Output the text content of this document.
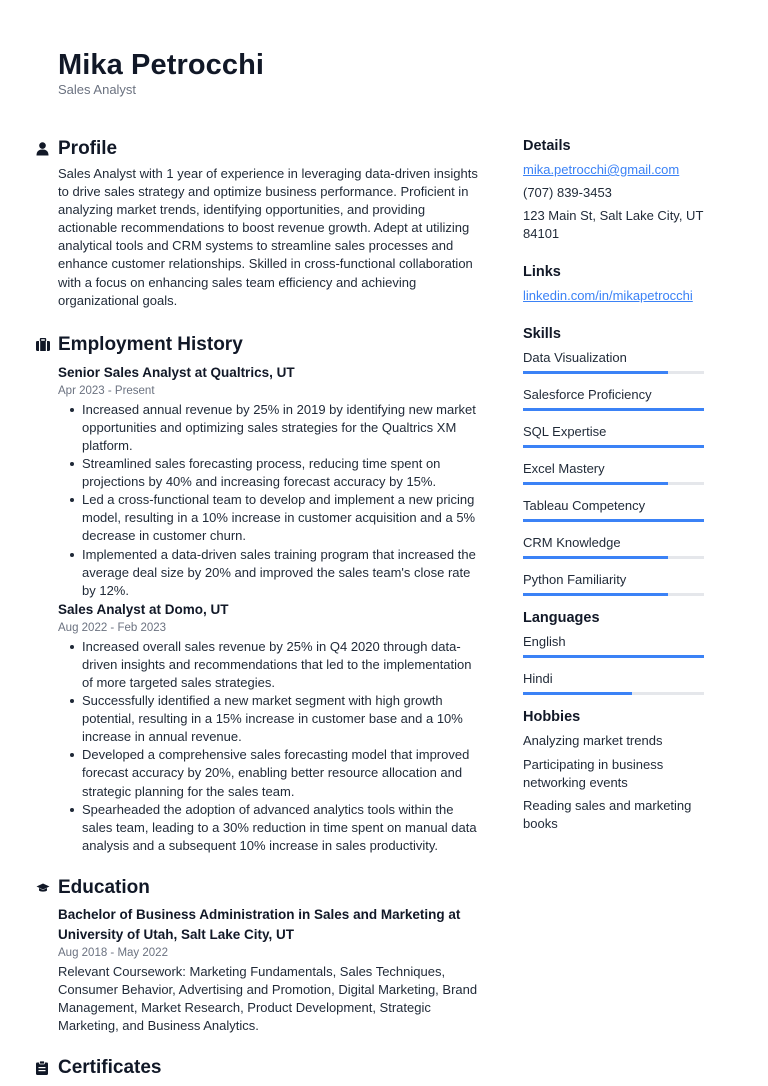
Mika Petrocchi
Sales Analyst
Profile

Sales Analyst with 1 year of experience in leveraging data-driven insights to drive sales strategy and optimize business performance. Proficient in analyzing market trends, identifying opportunities, and providing actionable recommendations to boost revenue growth. Adept at utilizing analytical tools and CRM systems to streamline sales processes and enhance customer relationships. Skilled in cross-functional collaboration with a focus on enhancing sales team efficiency and achieving organizational goals.

Employment History
Senior Sales Analyst at Qualtrics, UT
Apr 2023 - Present
Increased annual revenue by 25% in 2019 by identifying new market opportunities and optimizing sales strategies for the Qualtrics XM platform.
Streamlined sales forecasting process, reducing time spent on projections by 40% and increasing forecast accuracy by 15%.
Led a cross-functional team to develop and implement a new pricing model, resulting in a 10% increase in customer acquisition and a 5% decrease in customer churn.
Implemented a data-driven sales training program that increased the average deal size by 20% and improved the sales team's close rate by 12%.
Sales Analyst at Domo, UT
Aug 2022 - Feb 2023
Increased overall sales revenue by 25% in Q4 2020 through data-driven insights and recommendations that led to the implementation of more targeted sales strategies.
Successfully identified a new market segment with high growth potential, resulting in a 15% increase in customer base and a 10% increase in annual revenue.
Developed a comprehensive sales forecasting model that improved forecast accuracy by 20%, enabling better resource allocation and strategic planning for the sales team.
Spearheaded the adoption of advanced analytics tools within the sales team, leading to a 30% reduction in time spent on manual data analysis and a subsequent 10% increase in sales productivity.
Education
Bachelor of Business Administration in Sales and Marketing at University of Utah, Salt Lake City, UT
Aug 2018 - May 2022

Relevant Coursework: Marketing Fundamentals, Sales Techniques, Consumer Behavior, Advertising and Promotion, Digital Marketing, Brand Management, Market Research, Product Development, Strategic Marketing, and Business Analytics.

Certificates
Details
mika.petrocchi@gmail.com
(707) 839-3453
123 Main St, Salt Lake City, UT 84101
Links
linkedin.com/in/mikapetrocchi
Skills
Data Visualization
Salesforce Proficiency
SQL Expertise
Excel Mastery
Tableau Competency
CRM Knowledge
Python Familiarity
Languages
English
Hindi
Hobbies
Analyzing market trends
Participating in business networking events
Reading sales and marketing books
